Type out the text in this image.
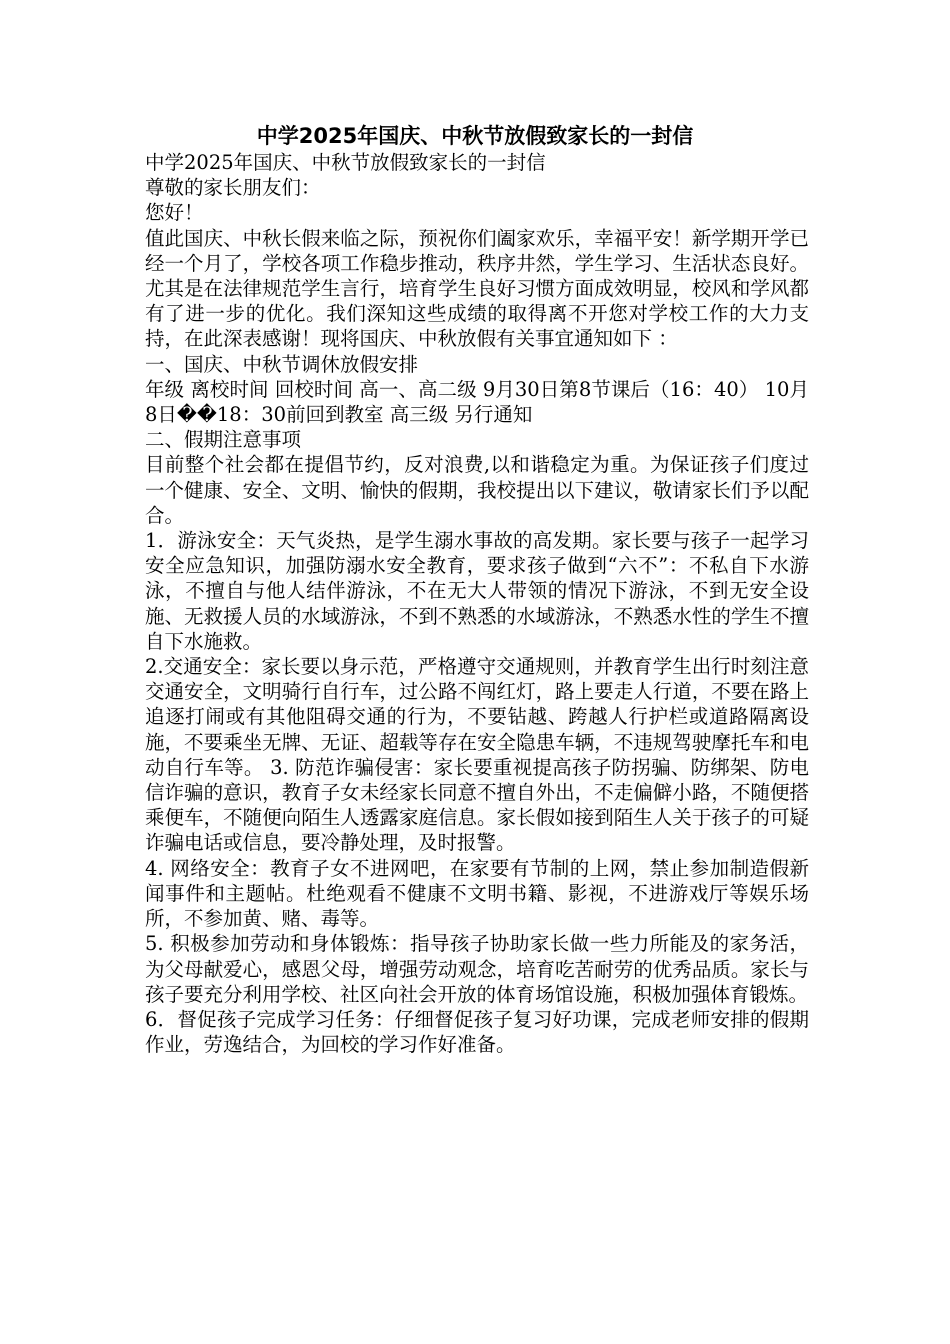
中学2025年国庆、中秋节放假致家长的一封信

中学2025年国庆、中秋节放假致家长的一封信

尊敬的家长朋友们：

您好！

值此国庆、中秋长假来临之际，预祝你们阖家欢乐，幸福平安！新学期开学已经一个月了，学校各项工作稳步推动，秩序井然，学生学习、生活状态良好。尤其是在法律规范学生言行，培育学生良好习惯方面成效明显，校风和学风都有了进一步的优化。我们深知这些成绩的取得离不开您对学校工作的大力支持，在此深表感谢！现将国庆、中秋放假有关事宜通知如下 ：

一、国庆、中秋节调休放假安排

年级 离校时间 回校时间 高一、高二级 9月30日第8节课后（16：40） 10月8日��18：30前回到教室 高三级 另行通知

二、假期注意事项

目前整个社会都在提倡节约，反对浪费,以和谐稳定为重。为保证孩子们度过一个健康、安全、文明、愉快的假期，我校提出以下建议，敬请家长们予以配合。

1．游泳安全：天气炎热，是学生溺水事故的高发期。家长要与孩子一起学习安全应急知识，加强防溺水安全教育，要求孩子做到“六不”：不私自下水游泳，不擅自与他人结伴游泳，不在无大人带领的情况下游泳，不到无安全设施、无救援人员的水域游泳，不到不熟悉的水域游泳，不熟悉水性的学生不擅自下水施救。

2.交通安全：家长要以身示范，严格遵守交通规则，并教育学生出行时刻注意交通安全，文明骑行自行车，过公路不闯红灯，路上要走人行道，不要在路上追逐打闹或有其他阻碍交通的行为，不要钻越、跨越人行护栏或道路隔离设施，不要乘坐无牌、无证、超载等存在安全隐患车辆，不违规驾驶摩托车和电动自行车等。 3. 防范诈骗侵害：家长要重视提高孩子防拐骗、防绑架、防电信诈骗的意识，教育子女未经家长同意不擅自外出，不走偏僻小路，不随便搭乘便车，不随便向陌生人透露家庭信息。家长假如接到陌生人关于孩子的可疑诈骗电话或信息，要冷静处理，及时报警。

4. 网络安全：教育子女不进网吧，在家要有节制的上网，禁止参加制造假新闻事件和主题帖。杜绝观看不健康不文明书籍、影视，不进游戏厅等娱乐场所，不参加黄、赌、毒等。

5. 积极参加劳动和身体锻炼：指导孩子协助家长做一些力所能及的家务活，为父母献爱心，感恩父母，增强劳动观念，培育吃苦耐劳的优秀品质。家长与孩子要充分利用学校、社区向社会开放的体育场馆设施，积极加强体育锻炼。

6．督促孩子完成学习任务：仔细督促孩子复习好功课，完成老师安排的假期作业，劳逸结合，为回校的学习作好准备。
